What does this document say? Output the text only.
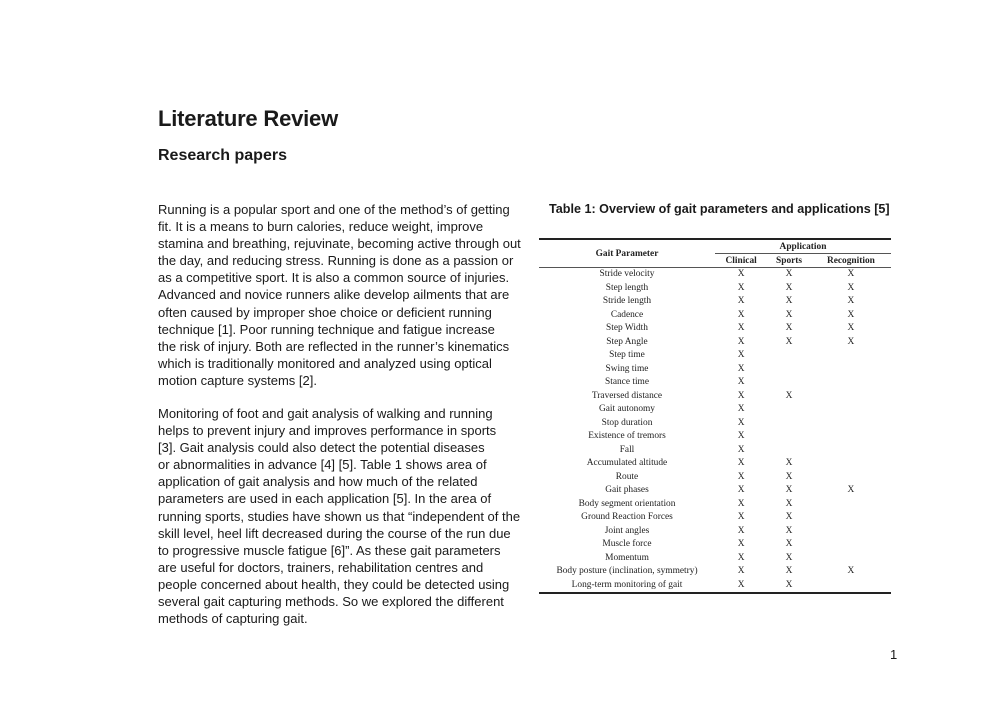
Literature Review
Research papers

Running is a popular sport and one of the method’s of getting
fit. It is a means to burn calories, reduce weight, improve
stamina and breathing, rejuvinate, becoming active through out
the day, and reducing stress. Running is done as a passion or
as a competitive sport. It is also a common source of injuries.
Advanced and novice runners alike develop ailments that are
often caused by improper shoe choice or deficient running
technique [1]. Poor running technique and fatigue increase
the risk of injury. Both are reflected in the runner’s kinematics
which is traditionally monitored and analyzed using optical
motion capture systems [2].

Monitoring of foot and gait analysis of walking and running
helps to prevent injury and improves performance in sports
[3]. Gait analysis could also detect the potential diseases
or abnormalities in advance [4] [5]. Table 1 shows area of
application of gait analysis and how much of the related
parameters are used in each application [5]. In the area of
running sports, studies have shown us that “independent of the
skill level, heel lift decreased during the course of the run due
to progressive muscle fatigue [6]”. As these gait parameters
are useful for doctors, trainers, rehabilitation centres and
people concerned about health, they could be detected using
several gait capturing methods. So we explored the different
methods of capturing gait.

Table 1: Overview of gait parameters and applications [5]

Gait Parameter	Application		
	Clinical	Sports	Recognition
Stride velocity	X	X	X
Step length	X	X	X
Stride length	X	X	X
Cadence	X	X	X
Step Width	X	X	X
Step Angle	X	X	X
Step time	X		
Swing time	X		
Stance time	X		
Traversed distance	X	X	
Gait autonomy	X		
Stop duration	X		
Existence of tremors	X		
Fall	X		
Accumulated altitude	X	X	
Route	X	X	
Gait phases	X	X	X
Body segment orientation	X	X	
Ground Reaction Forces	X	X	
Joint angles	X	X	
Muscle force	X	X	
Momentum	X	X	
Body posture (inclination, symmetry)	X	X	X
Long-term monitoring of gait	X	X	

1
